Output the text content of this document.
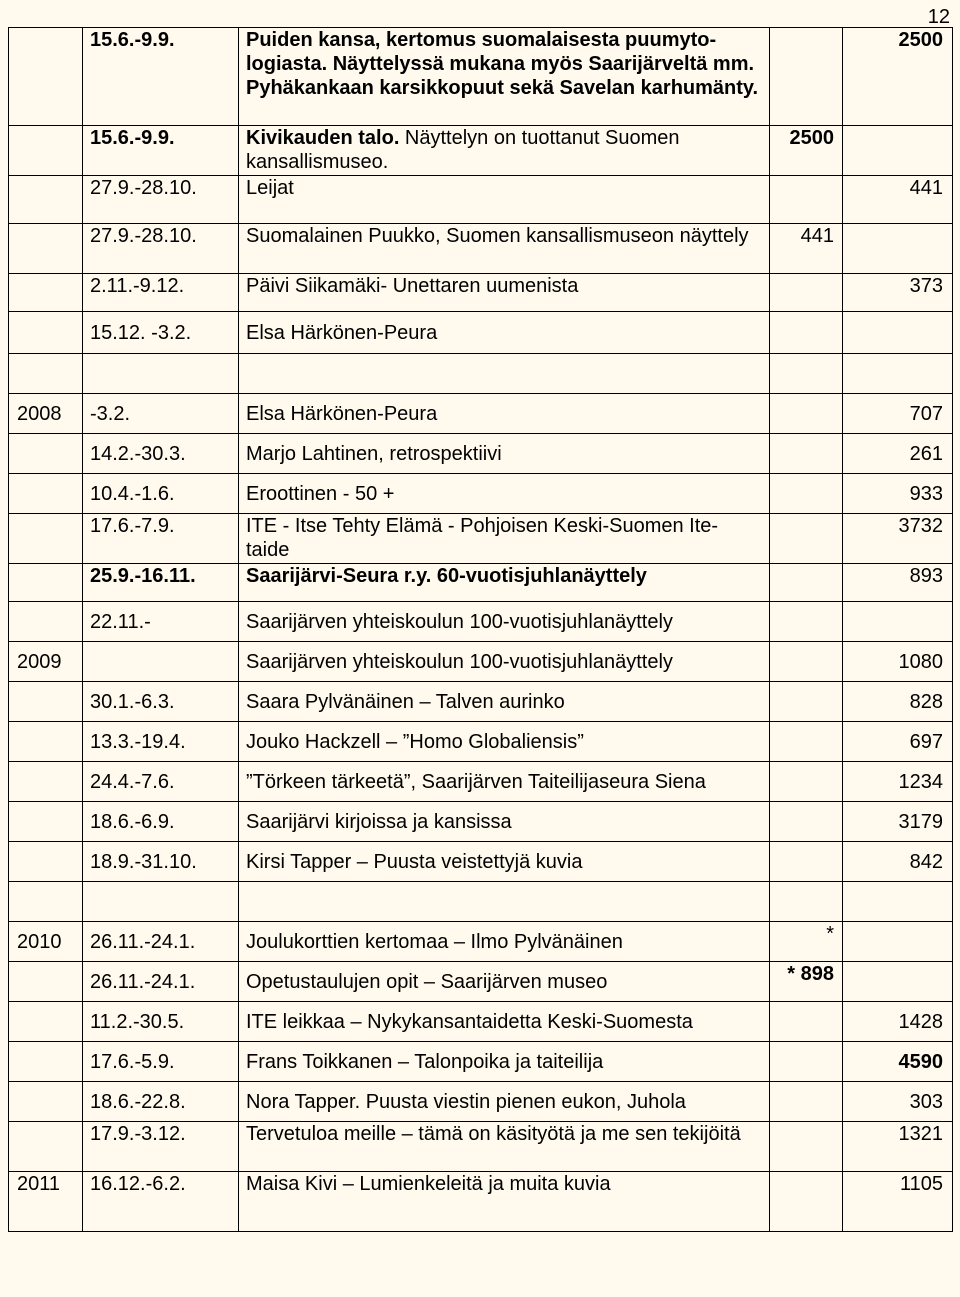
12
	15.6.-9.9.	Puiden kansa, kertomus suomalaisesta puumyto- logiasta. Näyttelyssä mukana myös Saarijärveltä mm. Pyhäkankaan karsikkopuut sekä Savelan karhumänty.		2500
	15.6.-9.9.	Kivikauden talo. Näyttelyn on tuottanut Suomen kansallismuseo.	2500	
	27.9.-28.10.	Leijat		441
	27.9.-28.10.	Suomalainen Puukko, Suomen kansallismuseon näyttely	441	
	2.11.-9.12.	Päivi Siikamäki- Unettaren uumenista		373
	15.12. -3.2.	Elsa Härkönen-Peura		

2008	-3.2.	Elsa Härkönen-Peura		707
	14.2.-30.3.	Marjo Lahtinen, retrospektiivi		261
	10.4.-1.6.	Eroottinen - 50 +		933
	17.6.-7.9.	ITE - Itse Tehty Elämä - Pohjoisen Keski-Suomen Ite- taide		3732
	25.9.-16.11.	Saarijärvi-Seura r.y. 60-vuotisjuhlanäyttely		893
	22.11.-	Saarijärven yhteiskoulun 100-vuotisjuhlanäyttely		
2009		Saarijärven yhteiskoulun 100-vuotisjuhlanäyttely		1080
	30.1.-6.3.	Saara Pylvänäinen – Talven aurinko		828
	13.3.-19.4.	Jouko Hackzell – ”Homo Globaliensis”		697
	24.4.-7.6.	”Törkeen tärkeetä”, Saarijärven Taiteilijaseura Siena		1234
	18.6.-6.9.	Saarijärvi kirjoissa ja kansissa		3179
	18.9.-31.10.	Kirsi Tapper – Puusta veistettyjä kuvia		842

2010	26.11.-24.1.	Joulukorttien kertomaa – Ilmo Pylvänäinen	*	
	26.11.-24.1.	Opetustaulujen opit – Saarijärven museo	* 898	
	11.2.-30.5.	ITE leikkaa – Nykykansantaidetta Keski-Suomesta		1428
	17.6.-5.9.	Frans Toikkanen – Talonpoika ja taiteilija		4590
	18.6.-22.8.	Nora Tapper. Puusta viestin pienen eukon, Juhola		303
	17.9.-3.12.	Tervetuloa meille – tämä on käsityötä ja me sen tekijöitä		1321
2011	16.12.-6.2.	Maisa Kivi – Lumienkeleitä ja muita kuvia		1105
